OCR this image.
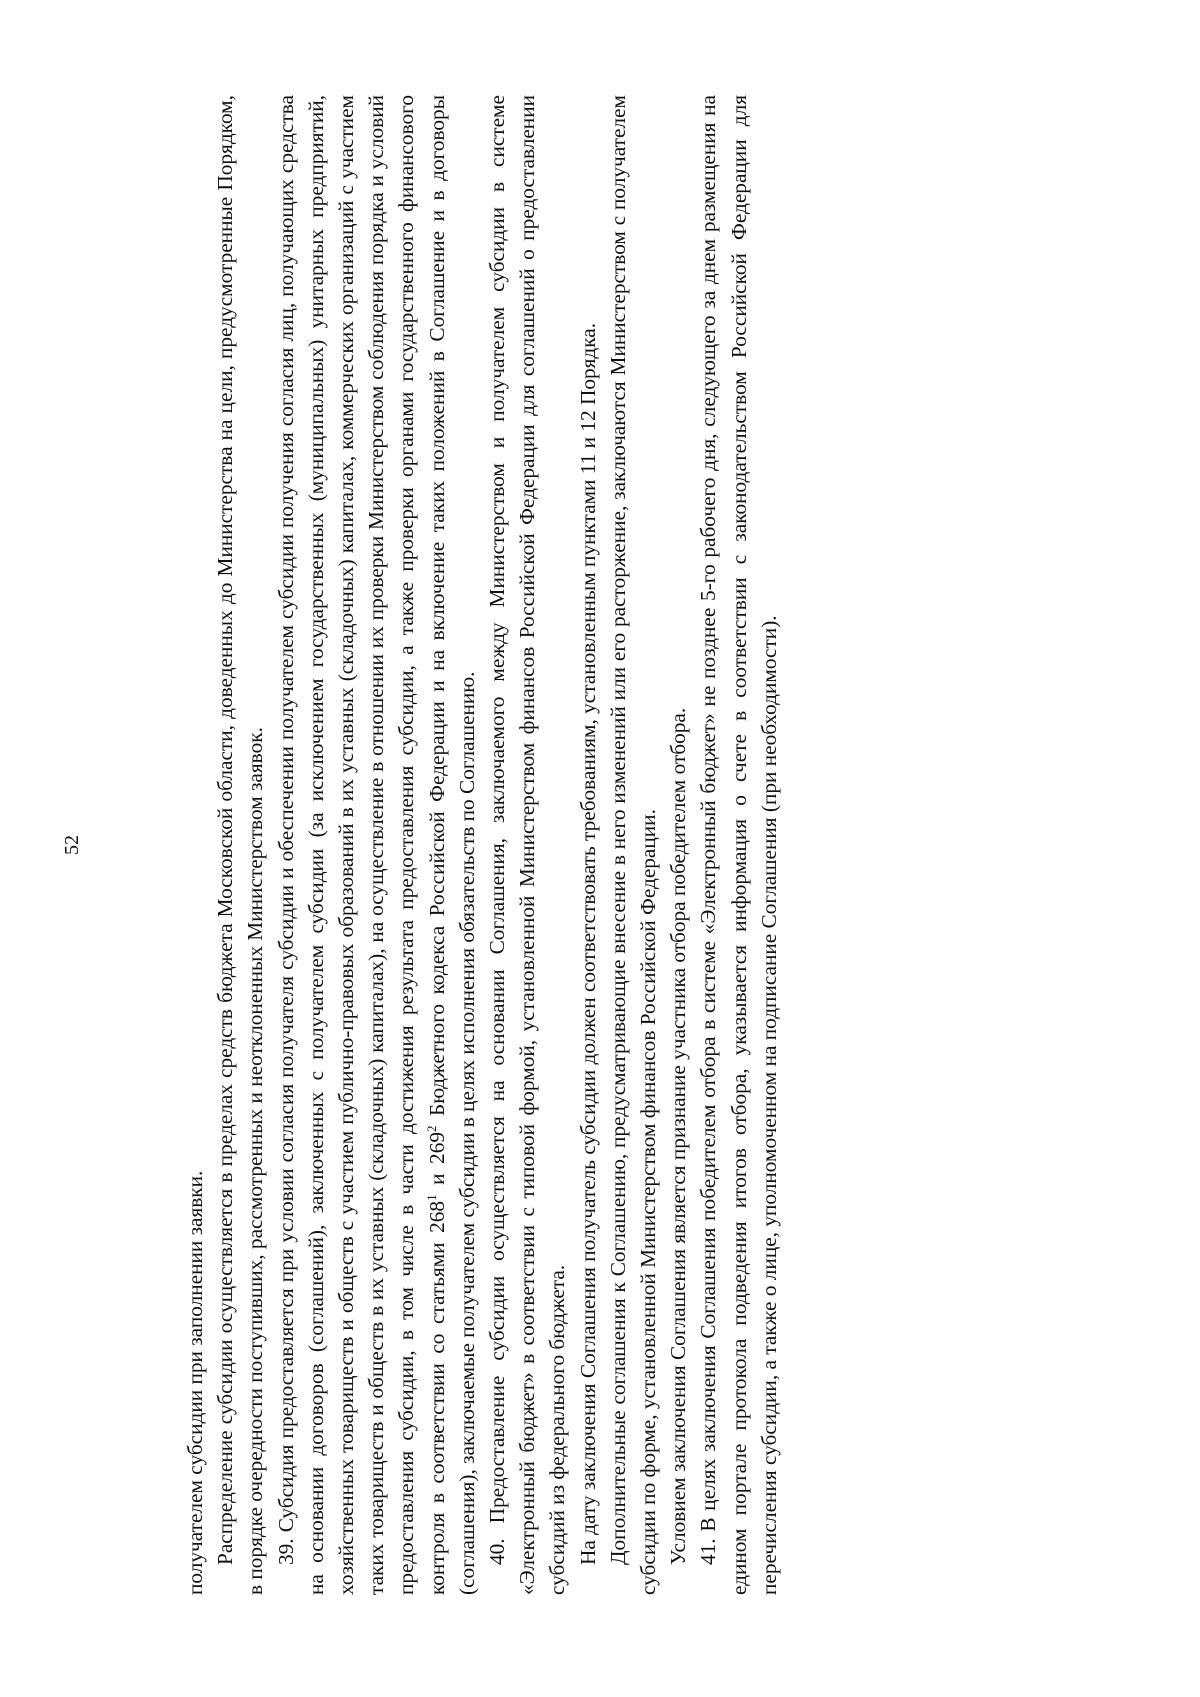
52

получателем субсидии при заполнении заявки. Распределение субсидии осуществляется в пределах средств бюджета Московской области, доведенных до Министерства на цели, предусмотренные Порядком, в порядке очередности поступивших, рассмотренных и неотклоненных Министерством заявок. 39. Субсидия предоставляется при условии согласия получателя субсидии и обеспечении получателем субсидии получения согласия лиц, получающих средства на основании договоров (соглашений), заключенных с получателем субсидии (за исключением государственных (муниципальных) унитарных предприятий, хозяйственных товариществ и обществ с участием публично-правовых образований в их уставных (складочных) капиталах, коммерческих организаций с участием таких товариществ и обществ в их уставных (складочных) капиталах), на осуществление в отношении их проверки Министерством соблюдения порядка и условий предоставления субсидии, в том числе в части достижения результата предоставления субсидии, а также проверки органами государственного финансового контроля в соответствии со статьями $268^1$ и $269^2$ Бюджетного кодекса Российской Федерации и на включение таких положений в Соглашение и в договоры (соглашения), заключаемые получателем субсидии в целях исполнения обязательств по Соглашению. 40. Предоставление субсидии осуществляется на основании Соглашения, заключаемого между Министерством и получателем субсидии в системе «Электронный бюджет» в соответствии с типовой формой, установленной Министерством финансов Российской Федерации для соглашений о предоставлении субсидий из федерального бюджета. На дату заключения Соглашения получатель субсидии должен соответствовать требованиям, установленным пунктами 11 и 12 Порядка. Дополнительные соглашения к Соглашению, предусматривающие внесение в него изменений или его расторжение, заключаются Министерством с получателем субсидии по форме, установленной Министерством финансов Российской Федерации. Условием заключения Соглашения является признание участника отбора победителем отбора. 41. В целях заключения Соглашения победителем отбора в системе «Электронный бюджет» не позднее 5-го рабочего дня, следующего за днем размещения на едином портале протокола подведения итогов отбора, указывается информация о счете в соответствии с законодательством Российской Федерации для перечисления субсидии, а также о лице, уполномоченном на подписание Соглашения (при необходимости).
